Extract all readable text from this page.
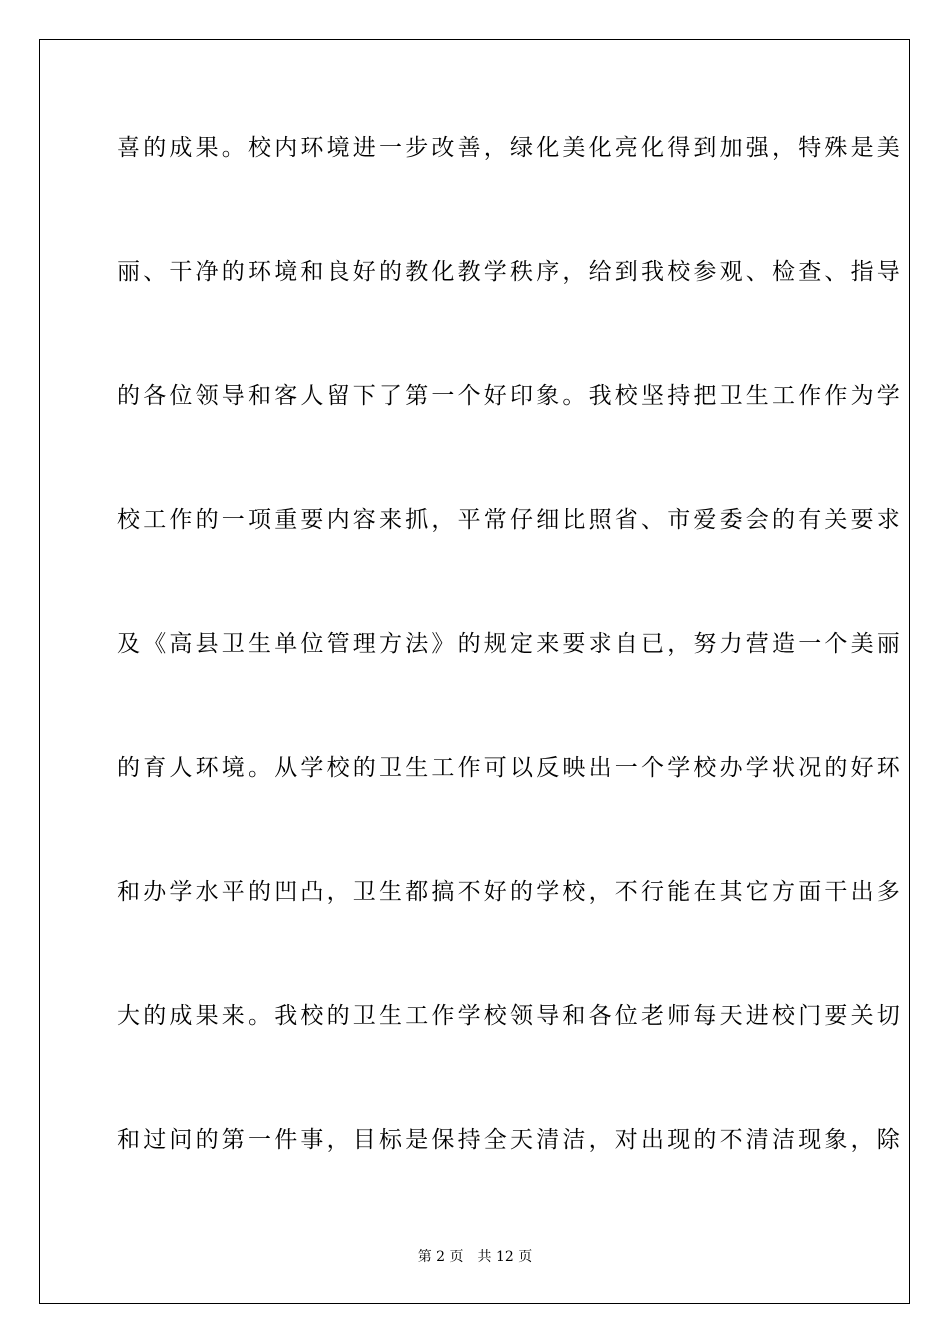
喜的成果。校内环境进一步改善，绿化美化亮化得到加强，特殊是美
丽、干净的环境和良好的教化教学秩序，给到我校参观、检查、指导
的各位领导和客人留下了第一个好印象。我校坚持把卫生工作作为学
校工作的一项重要内容来抓，平常仔细比照省、市爱委会的有关要求
及《高县卫生单位管理方法》的规定来要求自已，努力营造一个美丽
的育人环境。从学校的卫生工作可以反映出一个学校办学状况的好环
和办学水平的凹凸，卫生都搞不好的学校，不行能在其它方面干出多
大的成果来。我校的卫生工作学校领导和各位老师每天进校门要关切
和过问的第一件事，目标是保持全天清洁，对出现的不清洁现象，除
第 2 页 共 12 页
